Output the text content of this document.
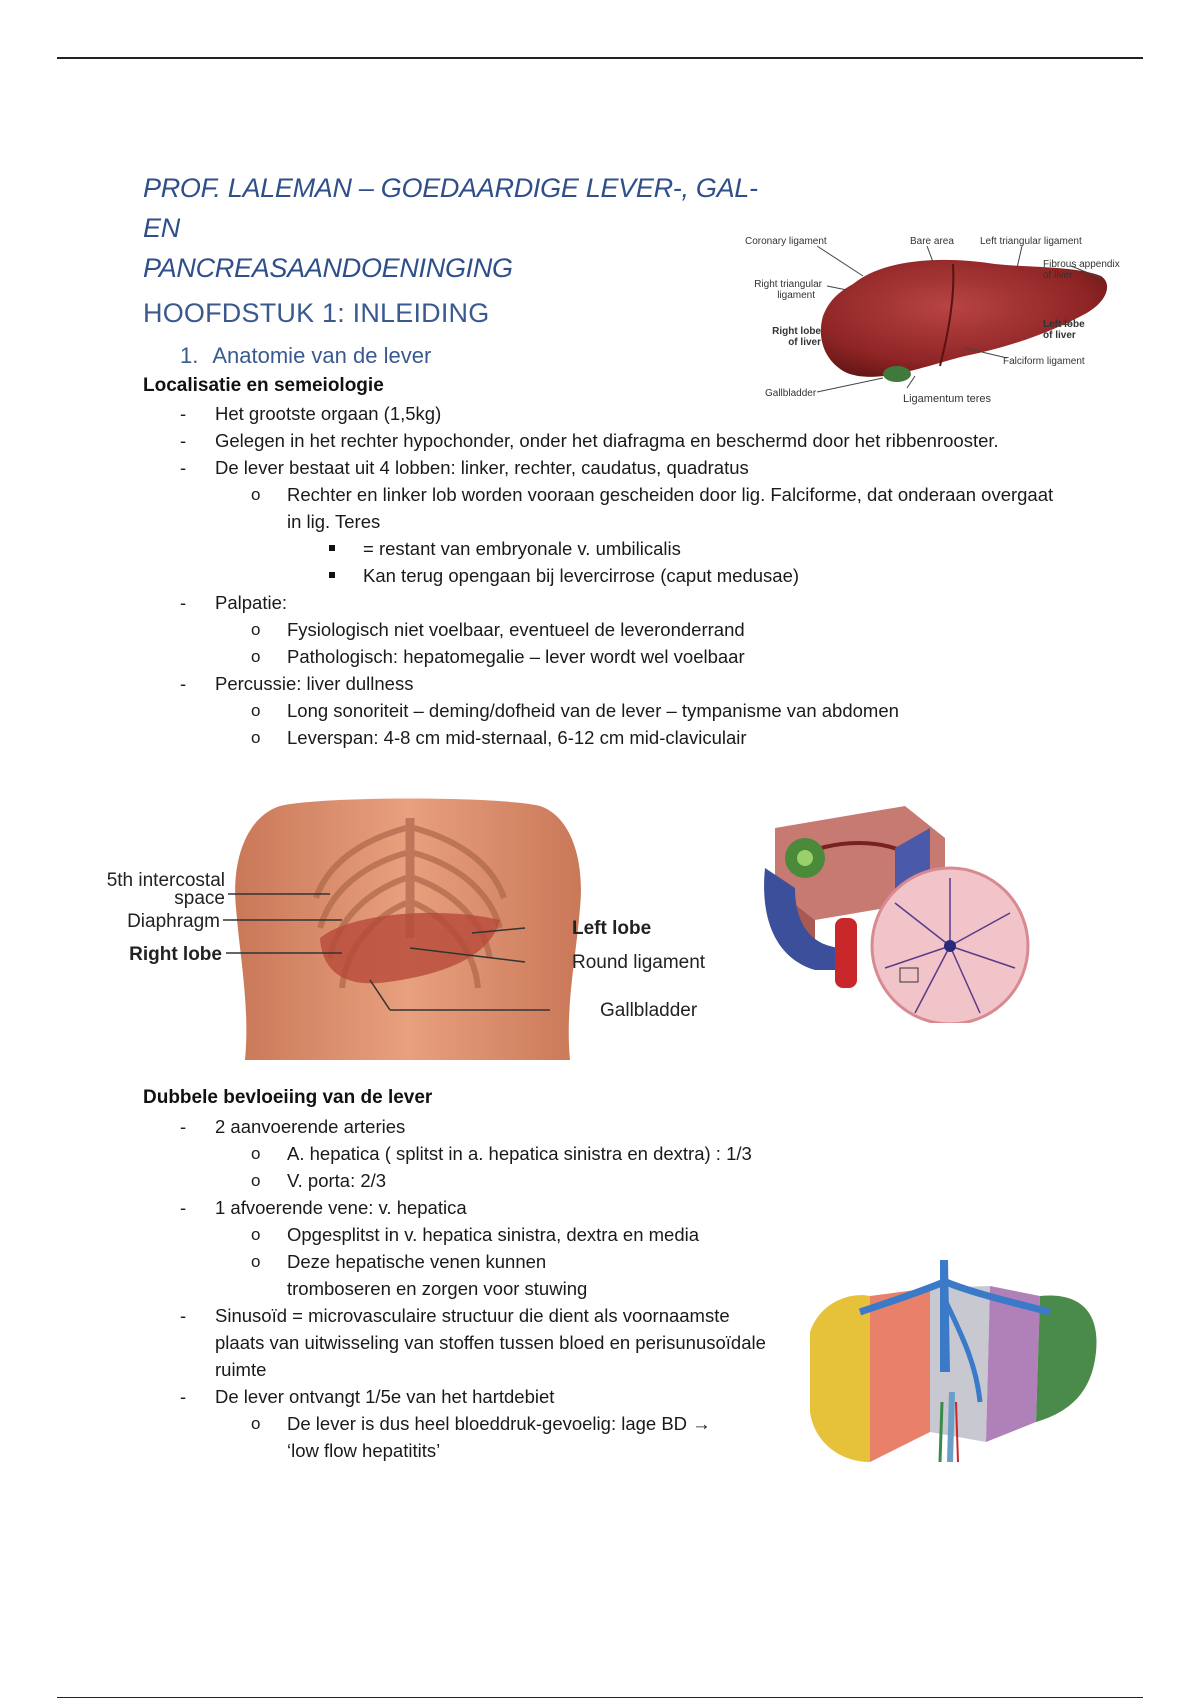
PROF. LALEMAN – GOEDAARDIGE LEVER-, GAL- EN
PANCREASAANDOENINGING
Coronary ligament	Bare area	Left triangular ligament
Fibrous appendix
of liver
Right triangular
ligament
Right lobe
of liver
Left lobe
of liver
Falciform ligament
Gallbladder	Ligamentum teres
HOOFDSTUK 1: INLEIDING
1. Anatomie van de lever
Localisatie en semeiologie
- Het grootste orgaan (1,5kg)
- Gelegen in het rechter hypochonder, onder het diafragma en beschermd door het ribbenrooster.
- De lever bestaat uit 4 lobben: linker, rechter, caudatus, quadratus
o Rechter en linker lob worden vooraan gescheiden door lig. Falciforme, dat onderaan overgaat in lig. Teres
= restant van embryonale v. umbilicalis
Kan terug opengaan bij levercirrose (caput medusae)
- Palpatie:
o Fysiologisch niet voelbaar, eventueel de leveronderrand
o Pathologisch: hepatomegalie – lever wordt wel voelbaar
- Percussie: liver dullness
o Long sonoriteit – deming/dofheid van de lever – tympanisme van abdomen
o Leverspan: 4-8 cm mid-sternaal, 6-12 cm mid-claviculair
5th intercostal
space
Diaphragm
Right lobe
Left lobe
Round ligament
Gallbladder
Dubbele bevloeiing van de lever
- 2 aanvoerende arteries
o A. hepatica ( splitst in a. hepatica sinistra en dextra) : 1/3
o V. porta: 2/3
- 1 afvoerende vene: v. hepatica
o Opgesplitst in v. hepatica sinistra, dextra en media
o Deze hepatische venen kunnen tromboseren en zorgen voor stuwing
- Sinusoïd = microvasculaire structuur die dient als voornaamste plaats van uitwisseling van stoffen tussen bloed en perisunusoïdale ruimte
- De lever ontvangt 1/5e van het hartdebiet
o De lever is dus heel bloeddruk-gevoelig: lage BD → ‘low flow hepatitits’
